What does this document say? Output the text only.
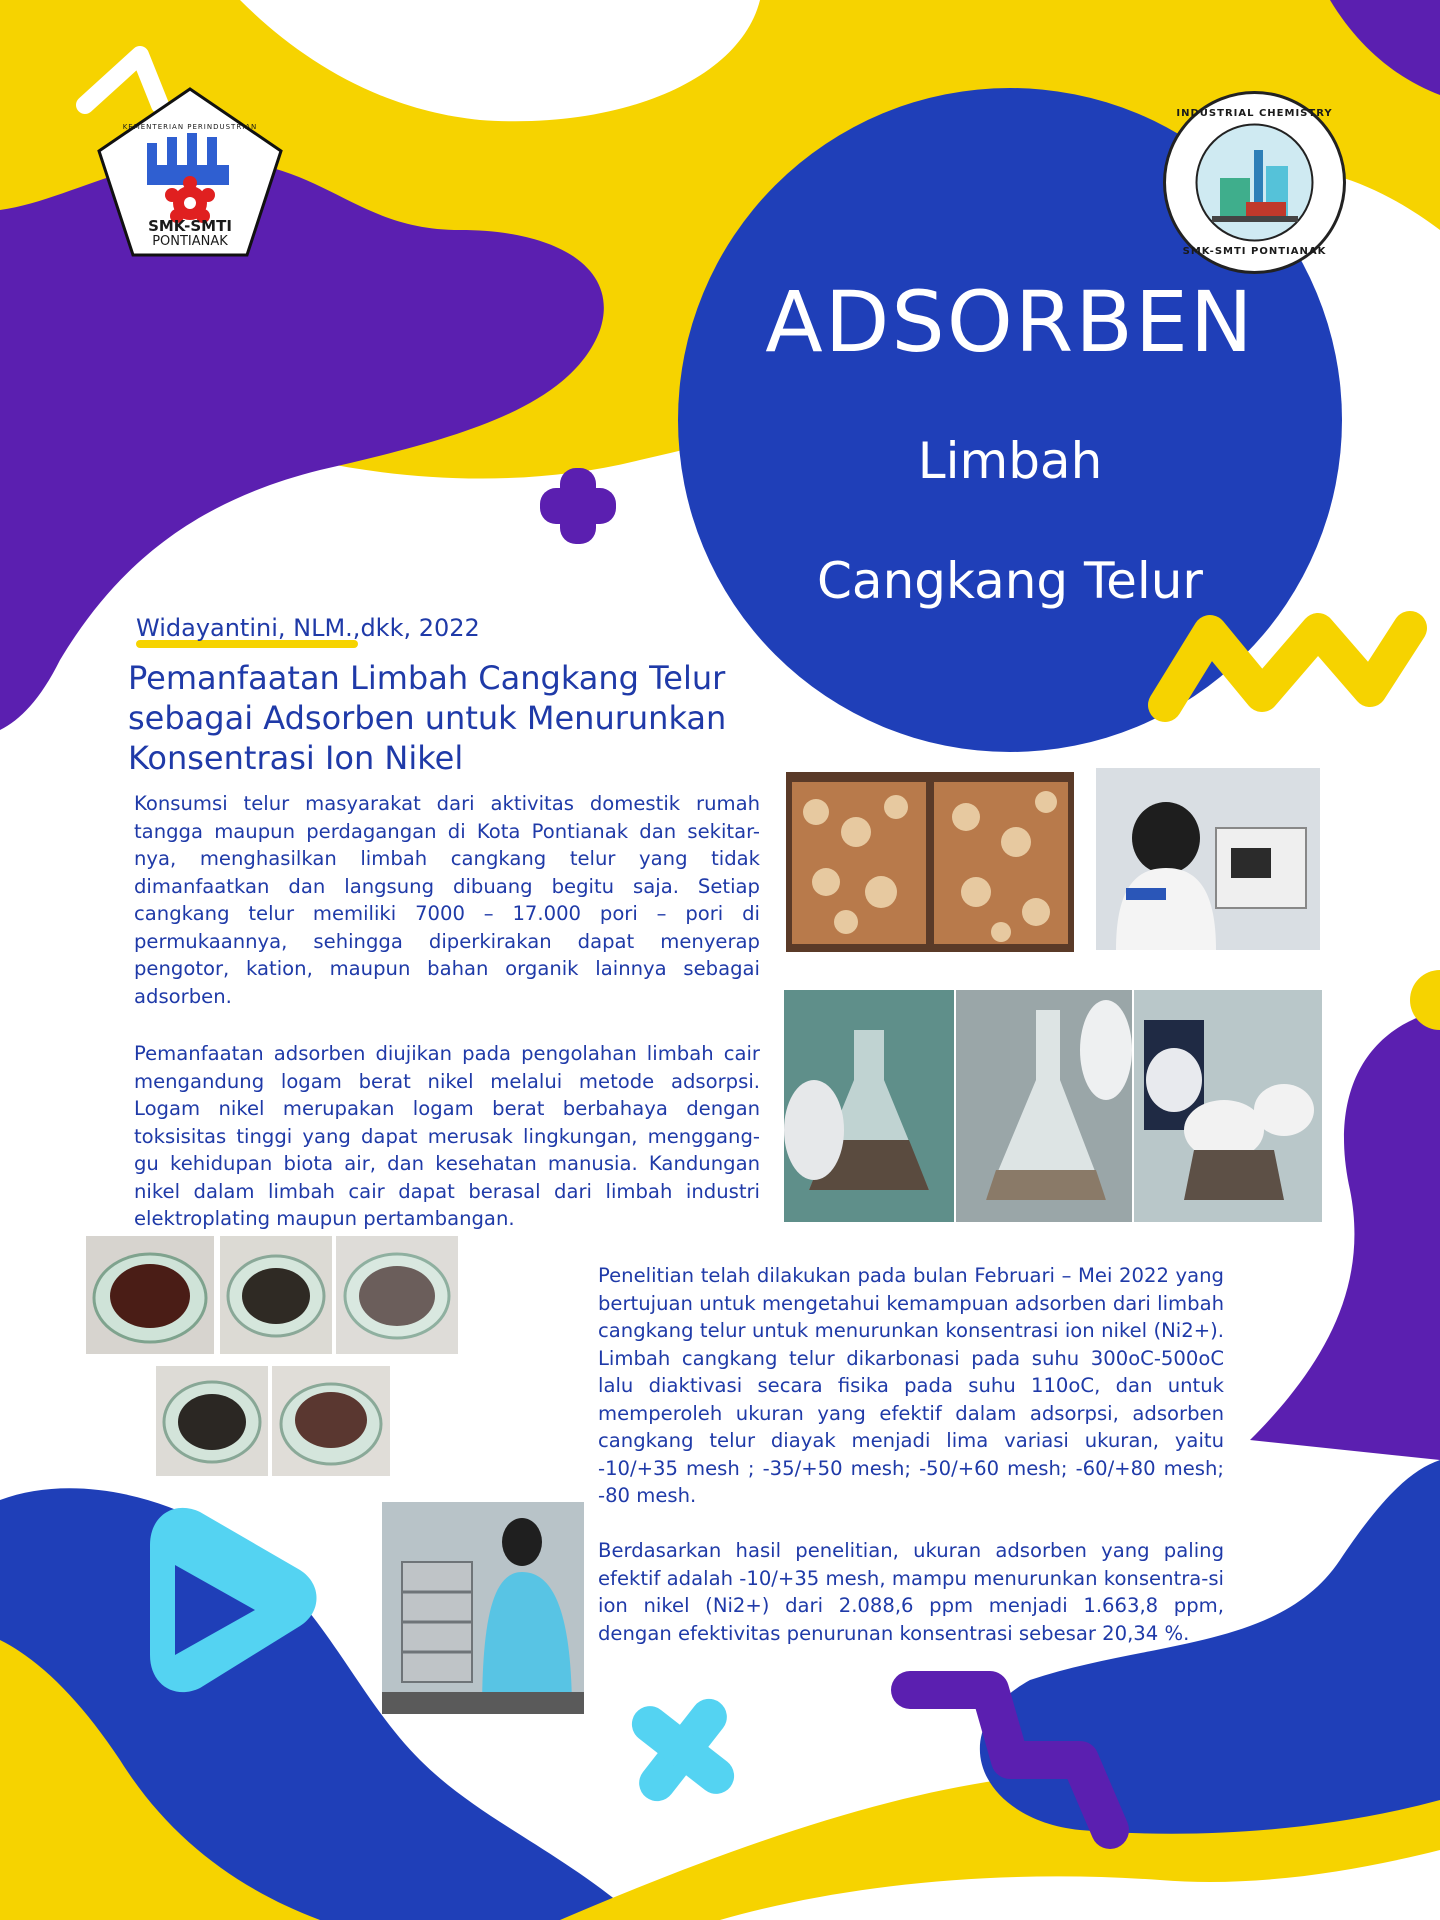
KEMENTERIAN PERINDUSTRIAN
SMK-SMTI
PONTIANAK
INDUSTRIAL CHEMISTRY
SMK-SMTI PONTIANAK
ADSORBEN
Limbah
Cangkang Telur
Widayantini, NLM.,dkk, 2022
Pemanfaatan Limbah Cangkang Telur sebagai Adsorben untuk Menurunkan Konsentrasi Ion Nikel
Konsumsi telur masyarakat dari aktivitas domestik rumah tangga maupun perdagangan di Kota Pontianak dan sekitar-nya, menghasilkan limbah cangkang telur yang tidak dimanfaatkan dan langsung dibuang begitu saja. Setiap cangkang telur memiliki 7000 – 17.000 pori – pori di permukaannya, sehingga diperkirakan dapat menyerap pengotor, kation, maupun bahan organik lainnya sebagai adsorben.
Pemanfaatan adsorben diujikan pada pengolahan limbah cair mengandung logam berat nikel melalui metode adsorpsi. Logam nikel merupakan logam berat berbahaya dengan toksisitas tinggi yang dapat merusak lingkungan, menggang-gu kehidupan biota air, dan kesehatan manusia. Kandungan nikel dalam limbah cair dapat berasal dari limbah industri elektroplating maupun pertambangan.
Penelitian telah dilakukan pada bulan Februari – Mei 2022 yang bertujuan untuk mengetahui kemampuan adsorben dari limbah cangkang telur untuk menurunkan konsentrasi ion nikel (Ni2+). Limbah cangkang telur dikarbonasi pada suhu 300oC-500oC lalu diaktivasi secara fisika pada suhu 110oC, dan untuk memperoleh ukuran yang efektif dalam adsorpsi, adsorben cangkang telur diayak menjadi lima variasi ukuran, yaitu -10/+35 mesh ; -35/+50 mesh; -50/+60 mesh; -60/+80 mesh; -80 mesh.
Berdasarkan hasil penelitian, ukuran adsorben yang paling efektif adalah -10/+35 mesh, mampu menurunkan konsentra-si ion nikel (Ni2+) dari 2.088,6 ppm menjadi 1.663,8 ppm, dengan efektivitas penurunan konsentrasi sebesar 20,34 %.
